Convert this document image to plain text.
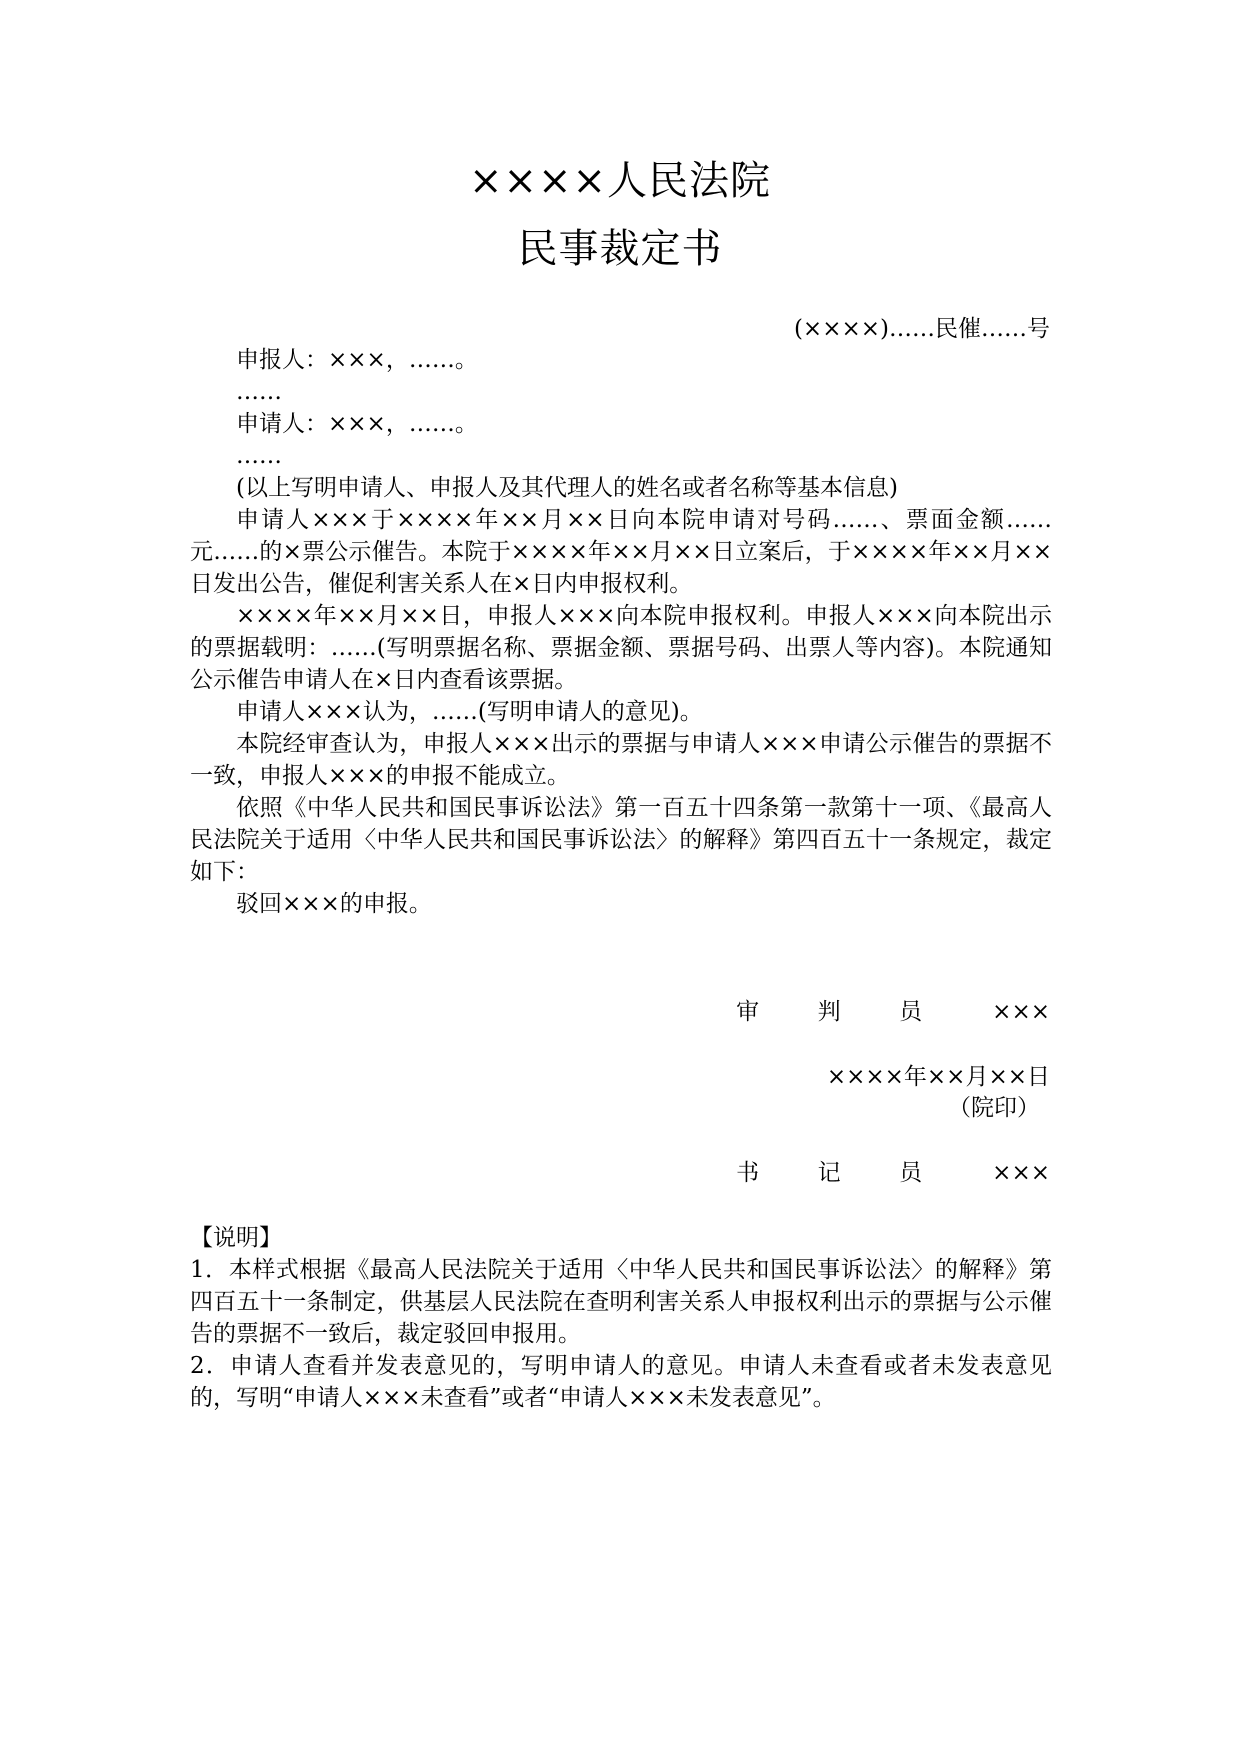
××××人民法院
民事裁定书
(××××)……民催……号

申报人：×××，……。

……

申请人：×××，……。

……

(以上写明申请人、申报人及其代理人的姓名或者名称等基本信息)

申请人×××于××××年××月××日向本院申请对号码……、票面金额……元……的×票公示催告。本院于××××年××月××日立案后，于××××年××月××日发出公告，催促利害关系人在×日内申报权利。

××××年××月××日，申报人×××向本院申报权利。申报人×××向本院出示的票据载明：……(写明票据名称、票据金额、票据号码、出票人等内容)。本院通知公示催告申请人在×日内查看该票据。

申请人×××认为，……(写明申请人的意见)。

本院经审查认为，申报人×××出示的票据与申请人×××申请公示催告的票据不一致，申报人×××的申报不能成立。

依照《中华人民共和国民事诉讼法》第一百五十四条第一款第十一项、《最高人民法院关于适用〈中华人民共和国民事诉讼法〉的解释》第四百五十一条规定，裁定如下：

驳回×××的申报。

审判员	×××
××××年××月××日
（院印）
书记员	×××

【说明】

1．本样式根据《最高人民法院关于适用〈中华人民共和国民事诉讼法〉的解释》第四百五十一条制定，供基层人民法院在查明利害关系人申报权利出示的票据与公示催告的票据不一致后，裁定驳回申报用。

2．申请人查看并发表意见的，写明申请人的意见。申请人未查看或者未发表意见的，写明“申请人×××未查看”或者“申请人×××未发表意见”。
